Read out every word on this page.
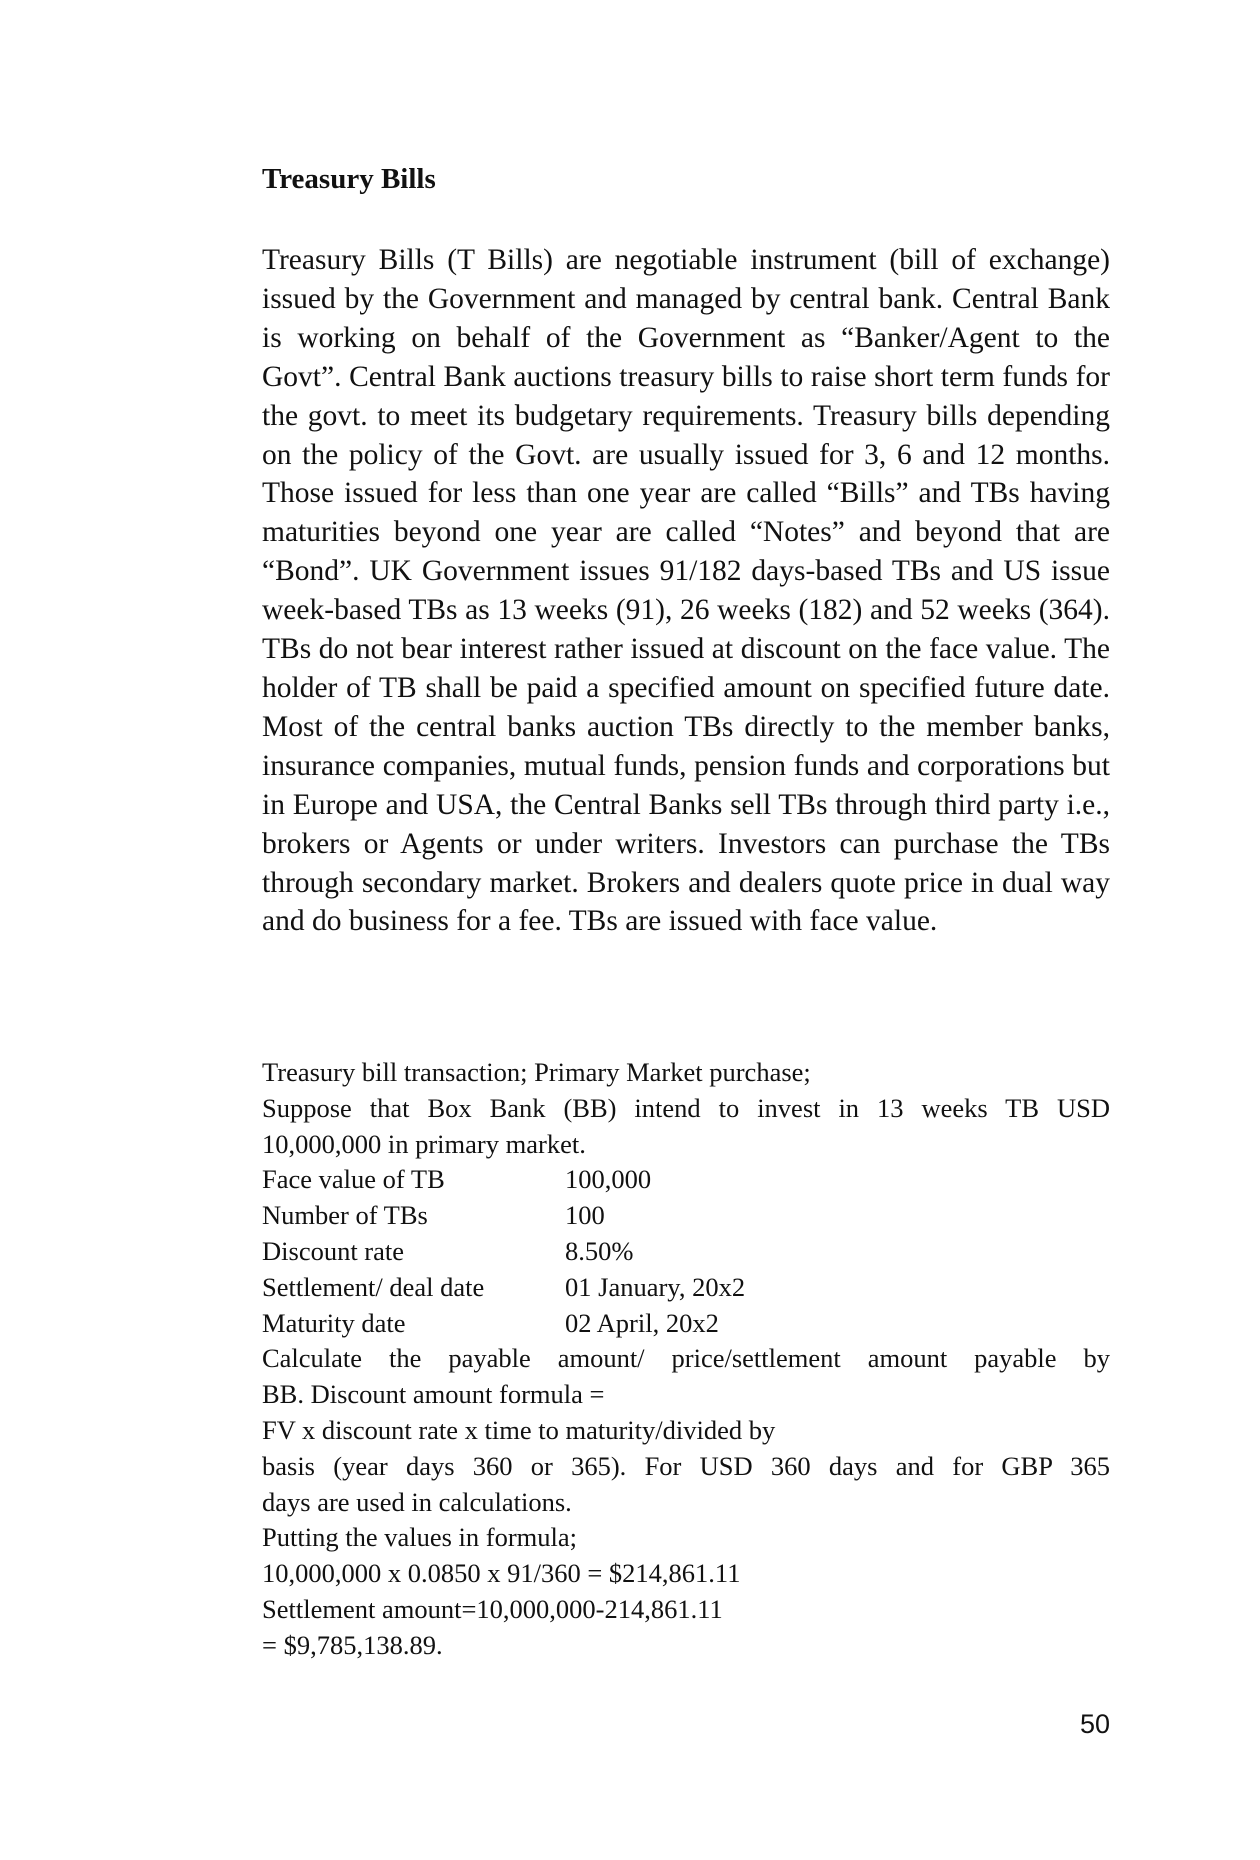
Treasury Bills

Treasury Bills (T Bills) are negotiable instrument (bill of exchange) issued by the Government and managed by central bank. Central Bank is working on behalf of the Government as “Banker/Agent to the Govt”. Central Bank auctions treasury bills to raise short term funds for the govt. to meet its budgetary requirements. Treasury bills depending on the policy of the Govt. are usually issued for 3, 6 and 12 months. Those issued for less than one year are called “Bills” and TBs having maturities beyond one year are called “Notes” and beyond that are “Bond”. UK Government issues 91/182 days-based TBs and US issue week-based TBs as 13 weeks (91), 26 weeks (182) and 52 weeks (364). TBs do not bear interest rather issued at discount on the face value. The holder of TB shall be paid a specified amount on specified future date. Most of the central banks auction TBs directly to the member banks, insurance companies, mutual funds, pension funds and corporations but in Europe and USA, the Central Banks sell TBs through third party i.e., brokers or Agents or under writers. Investors can purchase the TBs through secondary market. Brokers and dealers quote price in dual way and do business for a fee. TBs are issued with face value.

Treasury bill transaction; Primary Market purchase;
Suppose that Box Bank (BB) intend to invest in 13 weeks TB USD
10,000,000 in primary market.
Face value of TB	100,000
Number of TBs	100
Discount rate	8.50%
Settlement/ deal date	01 January, 20x2
Maturity date	02 April, 20x2
Calculate the payable amount/ price/settlement amount payable by
BB. Discount amount formula =
FV x discount rate x time to maturity/divided by
basis (year days 360 or 365). For USD 360 days and for GBP 365
days are used in calculations.
Putting the values in formula;
10,000,000 x 0.0850 x 91/360 = $214,861.11
Settlement amount=10,000,000-214,861.11
= $9,785,138.89.
50
